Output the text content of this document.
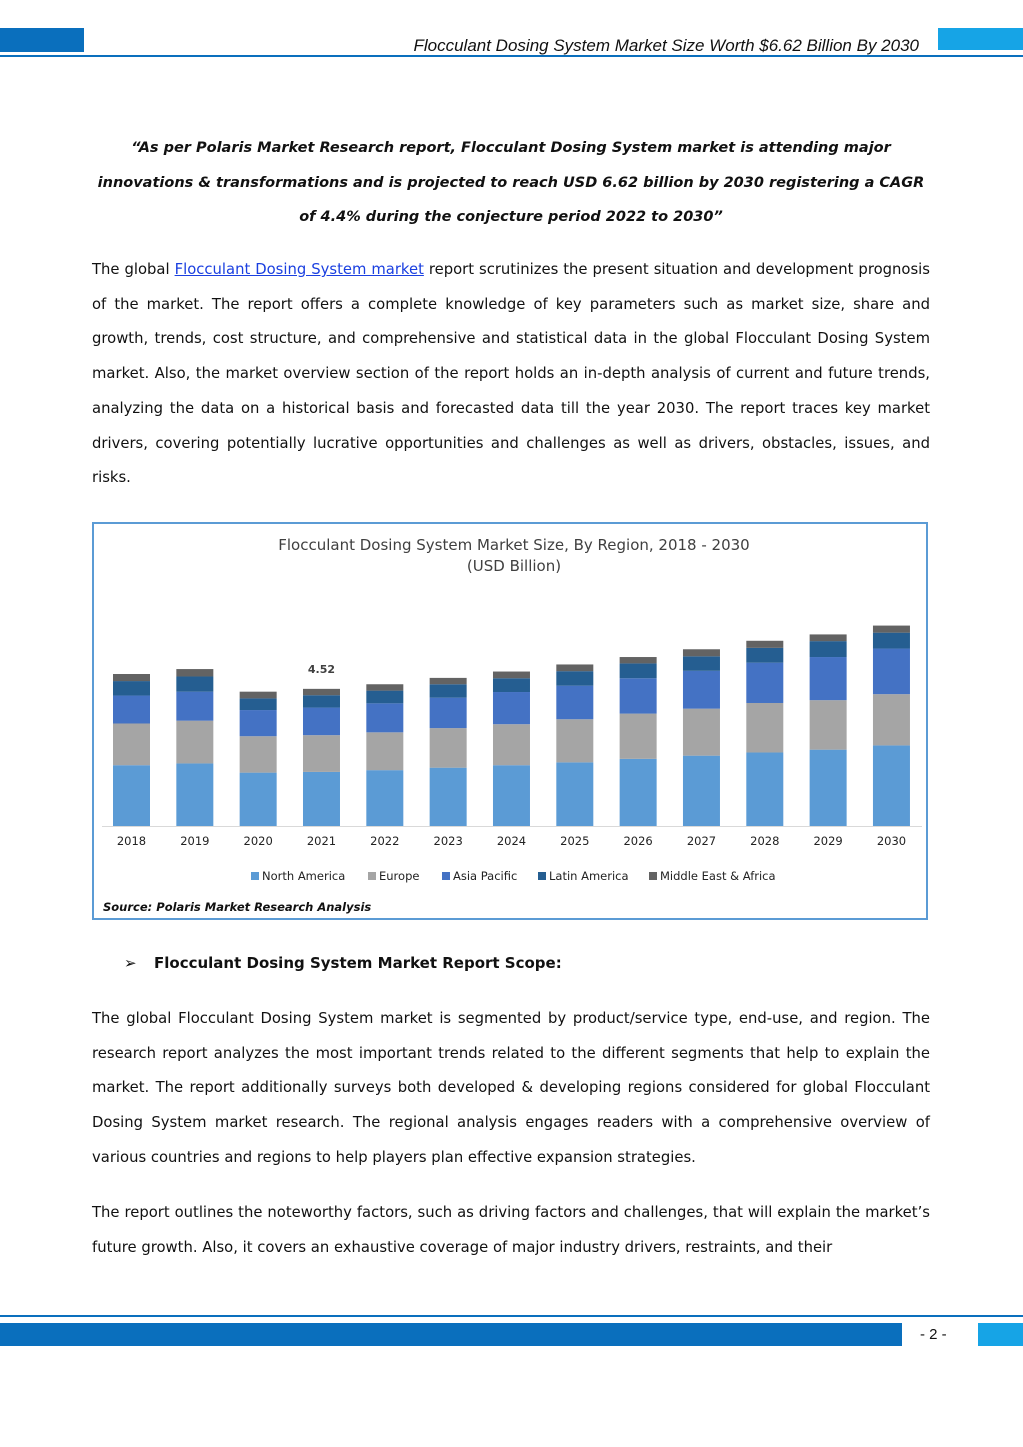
Flocculant Dosing System Market Size Worth $6.62 Billion By 2030
“As per Polaris Market Research report, Flocculant Dosing System market is attending major innovations & transformations and is projected to reach USD 6.62 billion by 2030 registering a CAGR of 4.4% during the conjecture period 2022 to 2030”
The global Flocculant Dosing System market report scrutinizes the present situation and development prognosis of the market. The report offers a complete knowledge of key parameters such as market size, share and growth, trends, cost structure, and comprehensive and statistical data in the global Flocculant Dosing System market. Also, the market overview section of the report holds an in-depth analysis of current and future trends, analyzing the data on a historical basis and forecasted data till the year 2030. The report traces key market drivers, covering potentially lucrative opportunities and challenges as well as drivers, obstacles, issues, and risks.
Flocculant Dosing System Market Size, By Region, 2018 - 2030
(USD Billion)
2018	2019	2020	2021
4.52
2022	2023	2024	2025	2026	2027	2028	2029	2030
North America	Europe	Asia Pacific	Latin America	Middle East & Africa
Source: Polaris Market Research Analysis
➢ Flocculant Dosing System Market Report Scope:
The global Flocculant Dosing System market is segmented by product/service type, end-use, and region. The research report analyzes the most important trends related to the different segments that help to explain the market. The report additionally surveys both developed & developing regions considered for global Flocculant Dosing System market research. The regional analysis engages readers with a comprehensive overview of various countries and regions to help players plan effective expansion strategies.
The report outlines the noteworthy factors, such as driving factors and challenges, that will explain the market’s future growth. Also, it covers an exhaustive coverage of major industry drivers, restraints, and their
- 2 -
